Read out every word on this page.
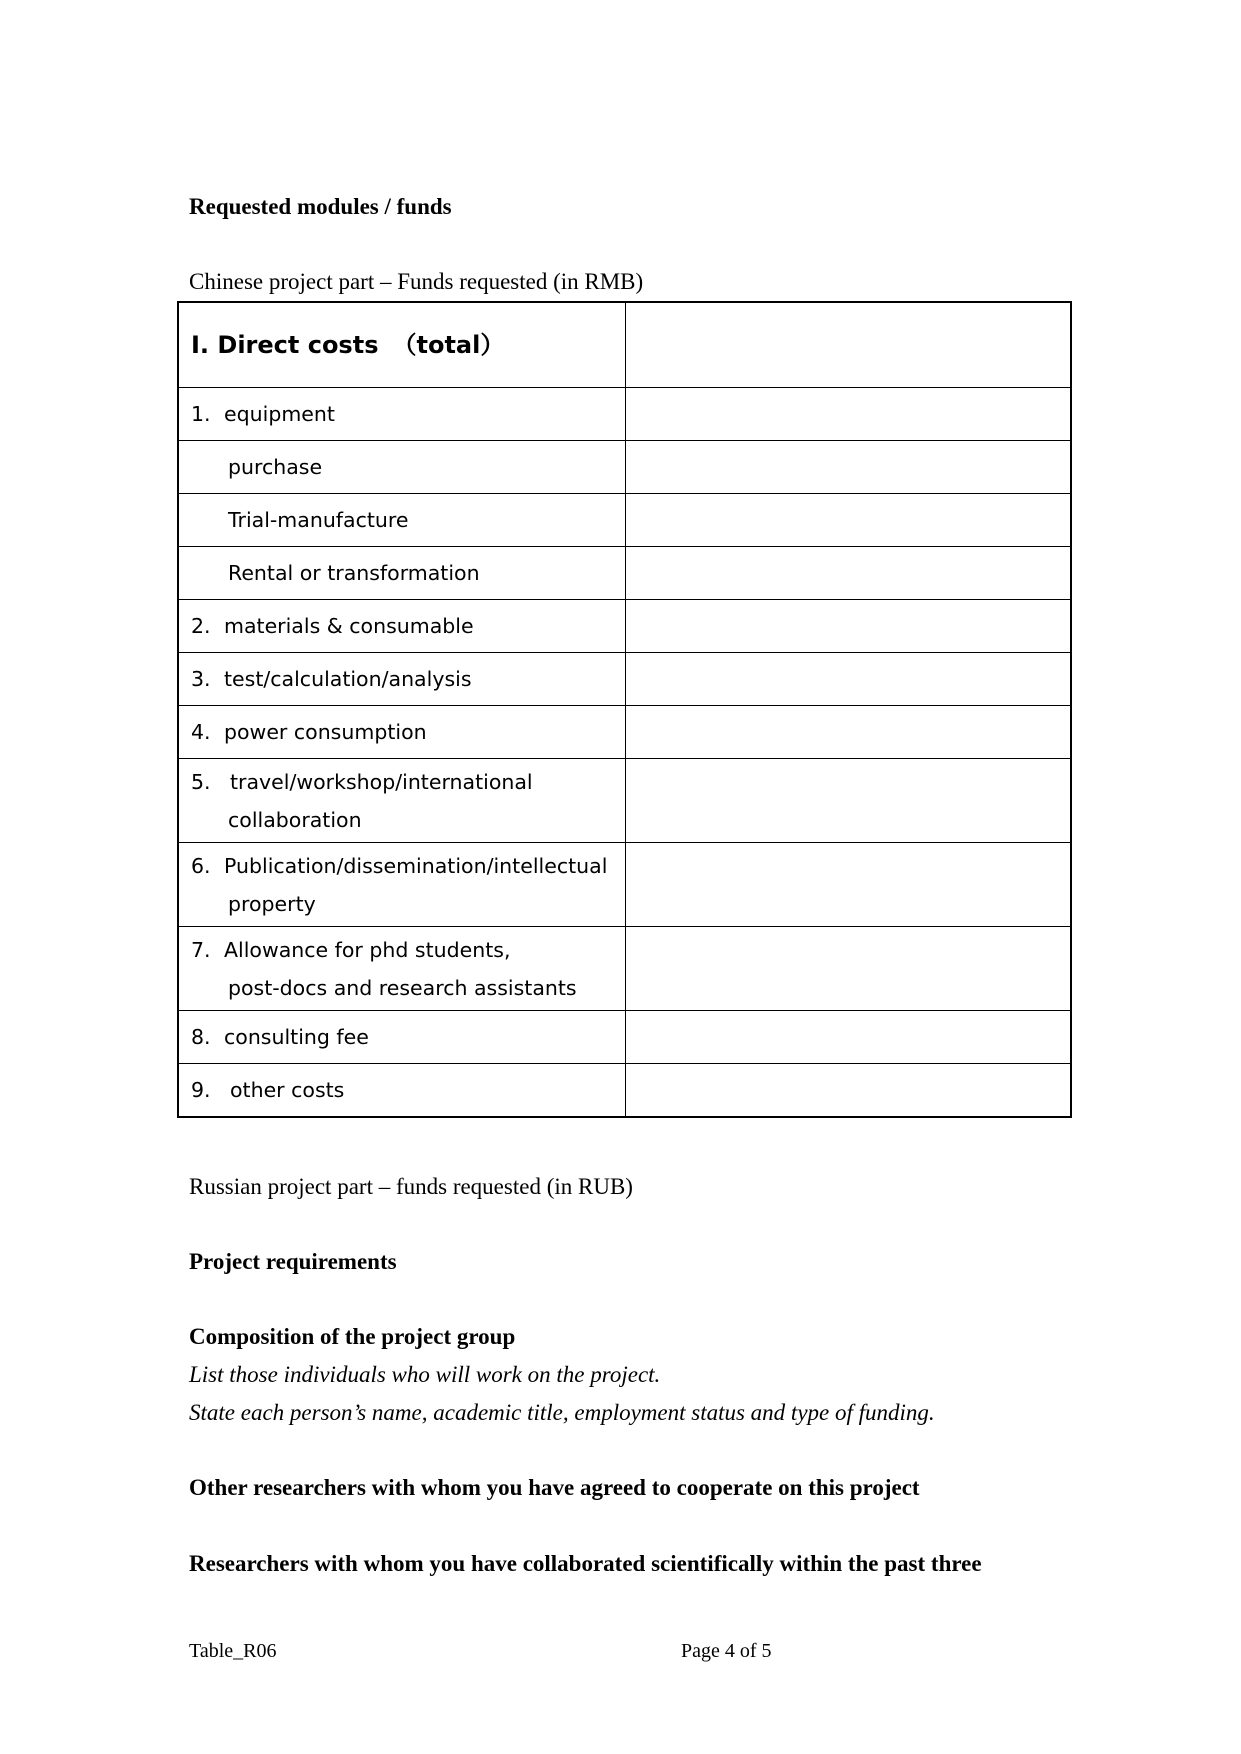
Requested modules / funds
Chinese project part – Funds requested (in RMB)
I. Direct costs （total）	
1. equipment	
purchase	
Trial-manufacture	
Rental or transformation	
2. materials & consumable	
3. test/calculation/analysis	
4. power consumption	
5. travel/workshop/international
collaboration	

6. Publication/dissemination/intellectual
property	

7. Allowance for phd students,
post-docs and research assistants	

8. consulting fee	
9. other costs	
Russian project part – funds requested (in RUB)
Project requirements
Composition of the project group
List those individuals who will work on the project.
State each person’s name, academic title, employment status and type of funding.
Other researchers with whom you have agreed to cooperate on this project
Researchers with whom you have collaborated scientifically within the past three
Table_R06	Page 4 of 5
